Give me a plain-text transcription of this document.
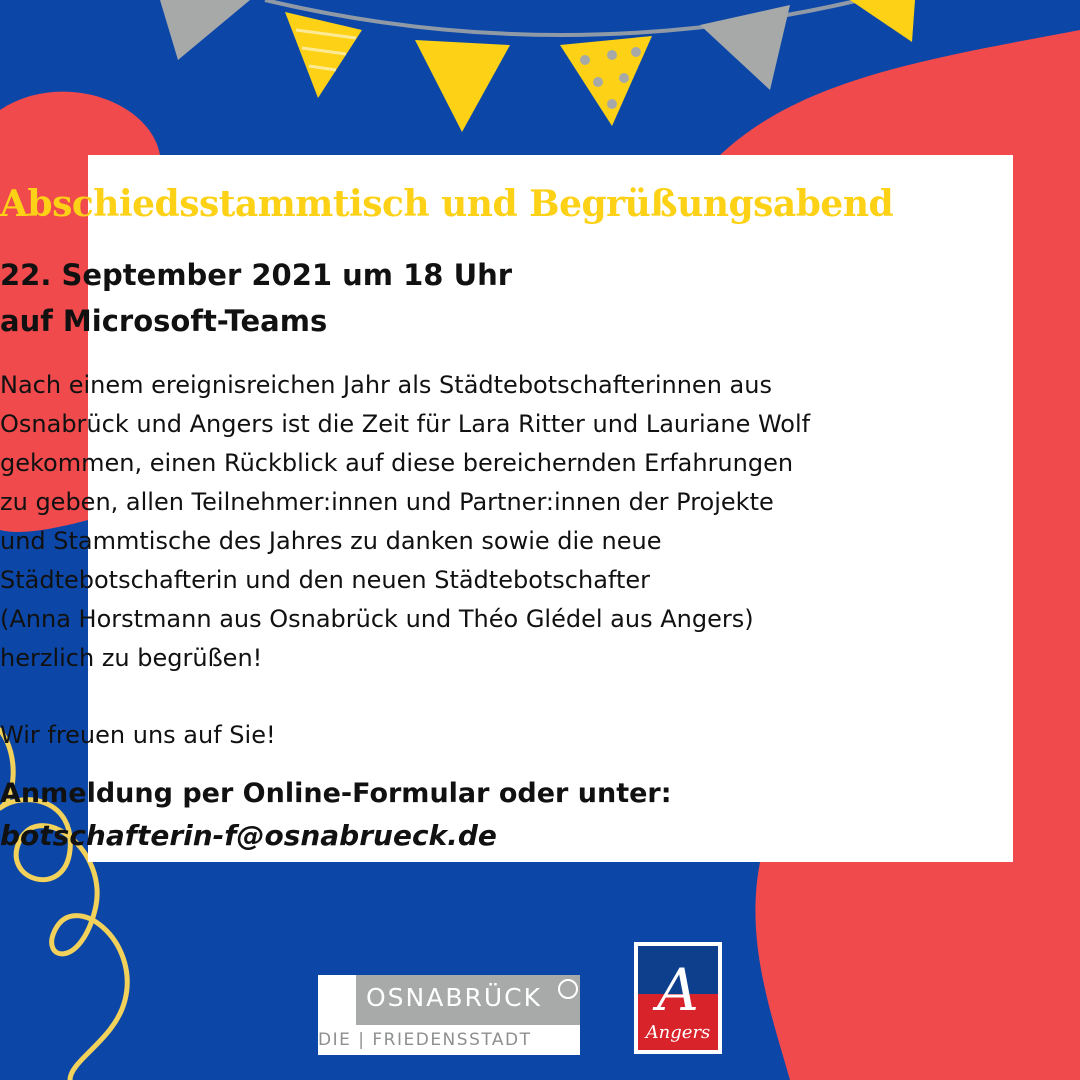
Abschiedsstammtisch und Begrüßungsabend
22. September 2021 um 18 Uhr
auf Microsoft-Teams
Nach einem ereignisreichen Jahr als Städtebotschafterinnen aus
Osnabrück und Angers ist die Zeit für Lara Ritter und Lauriane Wolf
gekommen, einen Rückblick auf diese bereichernden Erfahrungen
zu geben, allen Teilnehmer:innen und Partner:innen der Projekte
und Stammtische des Jahres zu danken sowie die neue
Städtebotschafterin und den neuen Städtebotschafter
(Anna Horstmann aus Osnabrück und Théo Glédel aus Angers)
herzlich zu begrüßen!
Wir freuen uns auf Sie!
Anmeldung per Online-Formular oder unter:
botschafterin-f@osnabrueck.de
OSNABRÜCK
DIE | FRIEDENSSTADT
A
Angers
